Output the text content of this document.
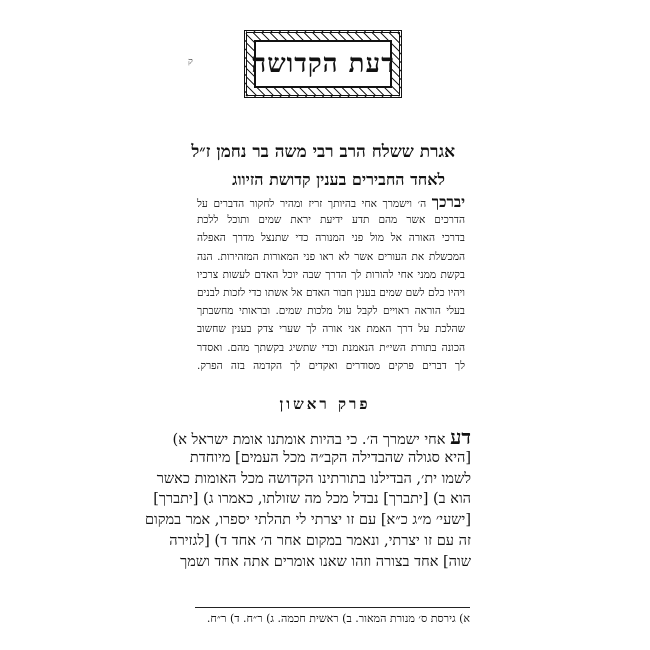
ק דעת הקדושה
אגרת ששלח הרב רבי משה בר נחמן ז״ל
לאחד החבירים בענין קדושת הזיווג
יברכך ה׳ וישמרך אחי בהיותך זריז ומהיר לחקור הדברים על
הדרכים אשר מהם תדע ידיעת יראת שמים ותוכל ללכת
בדרכי האורה אל מול פני המנורה כדי שתנצל מדרך האפלה
המכשלת את העורים אשר לא ראו פני המאורות המזהירות. הנה
בקשת ממני אחי להורות לך הדרך שבה יוכל האדם לעשות צרכיו
ויהיו כלם לשם שמים בענין חבור האדם אל אשתו כדי לזכות לבנים
בעלי הוראה ראויים לקבל עול מלכות שמים. ובראותי מחשבתך
שהלכת על דרך האמת אני אורה לך שערי צדק בענין שחשוב
הכונה בתורת השי״ת הנאמנת וכדי שתשיג בקשתך מהם. ואסדר
לך דברים פרקים מסודרים ואקדים לך הקדמה בזה הפרק.
פרק ראשון
דע אחי ישמרך ה׳. כי בהיות אומתנו אומת ישראל א)
[היא סגולה שהבדילה הקב״ה מכל העמים] מיוחדת
לשמו ית׳, הבדילנו בתורתינו הקדושה מכל האומות כאשר
הוא ב) [יתברך] נבדל מכל מה שזולתו, כאמרו ג) [יתברך]
[ישעי׳ מ״ג כ״א] עם זו יצרתי לי תהלתי יספרו, אמר במקום
זה עם זו יצרתי, ונאמר במקום אחר ה׳ אחד ד) [לגזירה
שוה] אחד בצורה וזהו שאנו אומרים אתה אחד ושמך
א) גירסת ס׳ מנורת המאור. ב) ראשית חכמה. ג) ר״ח. ד) ר״ח.
